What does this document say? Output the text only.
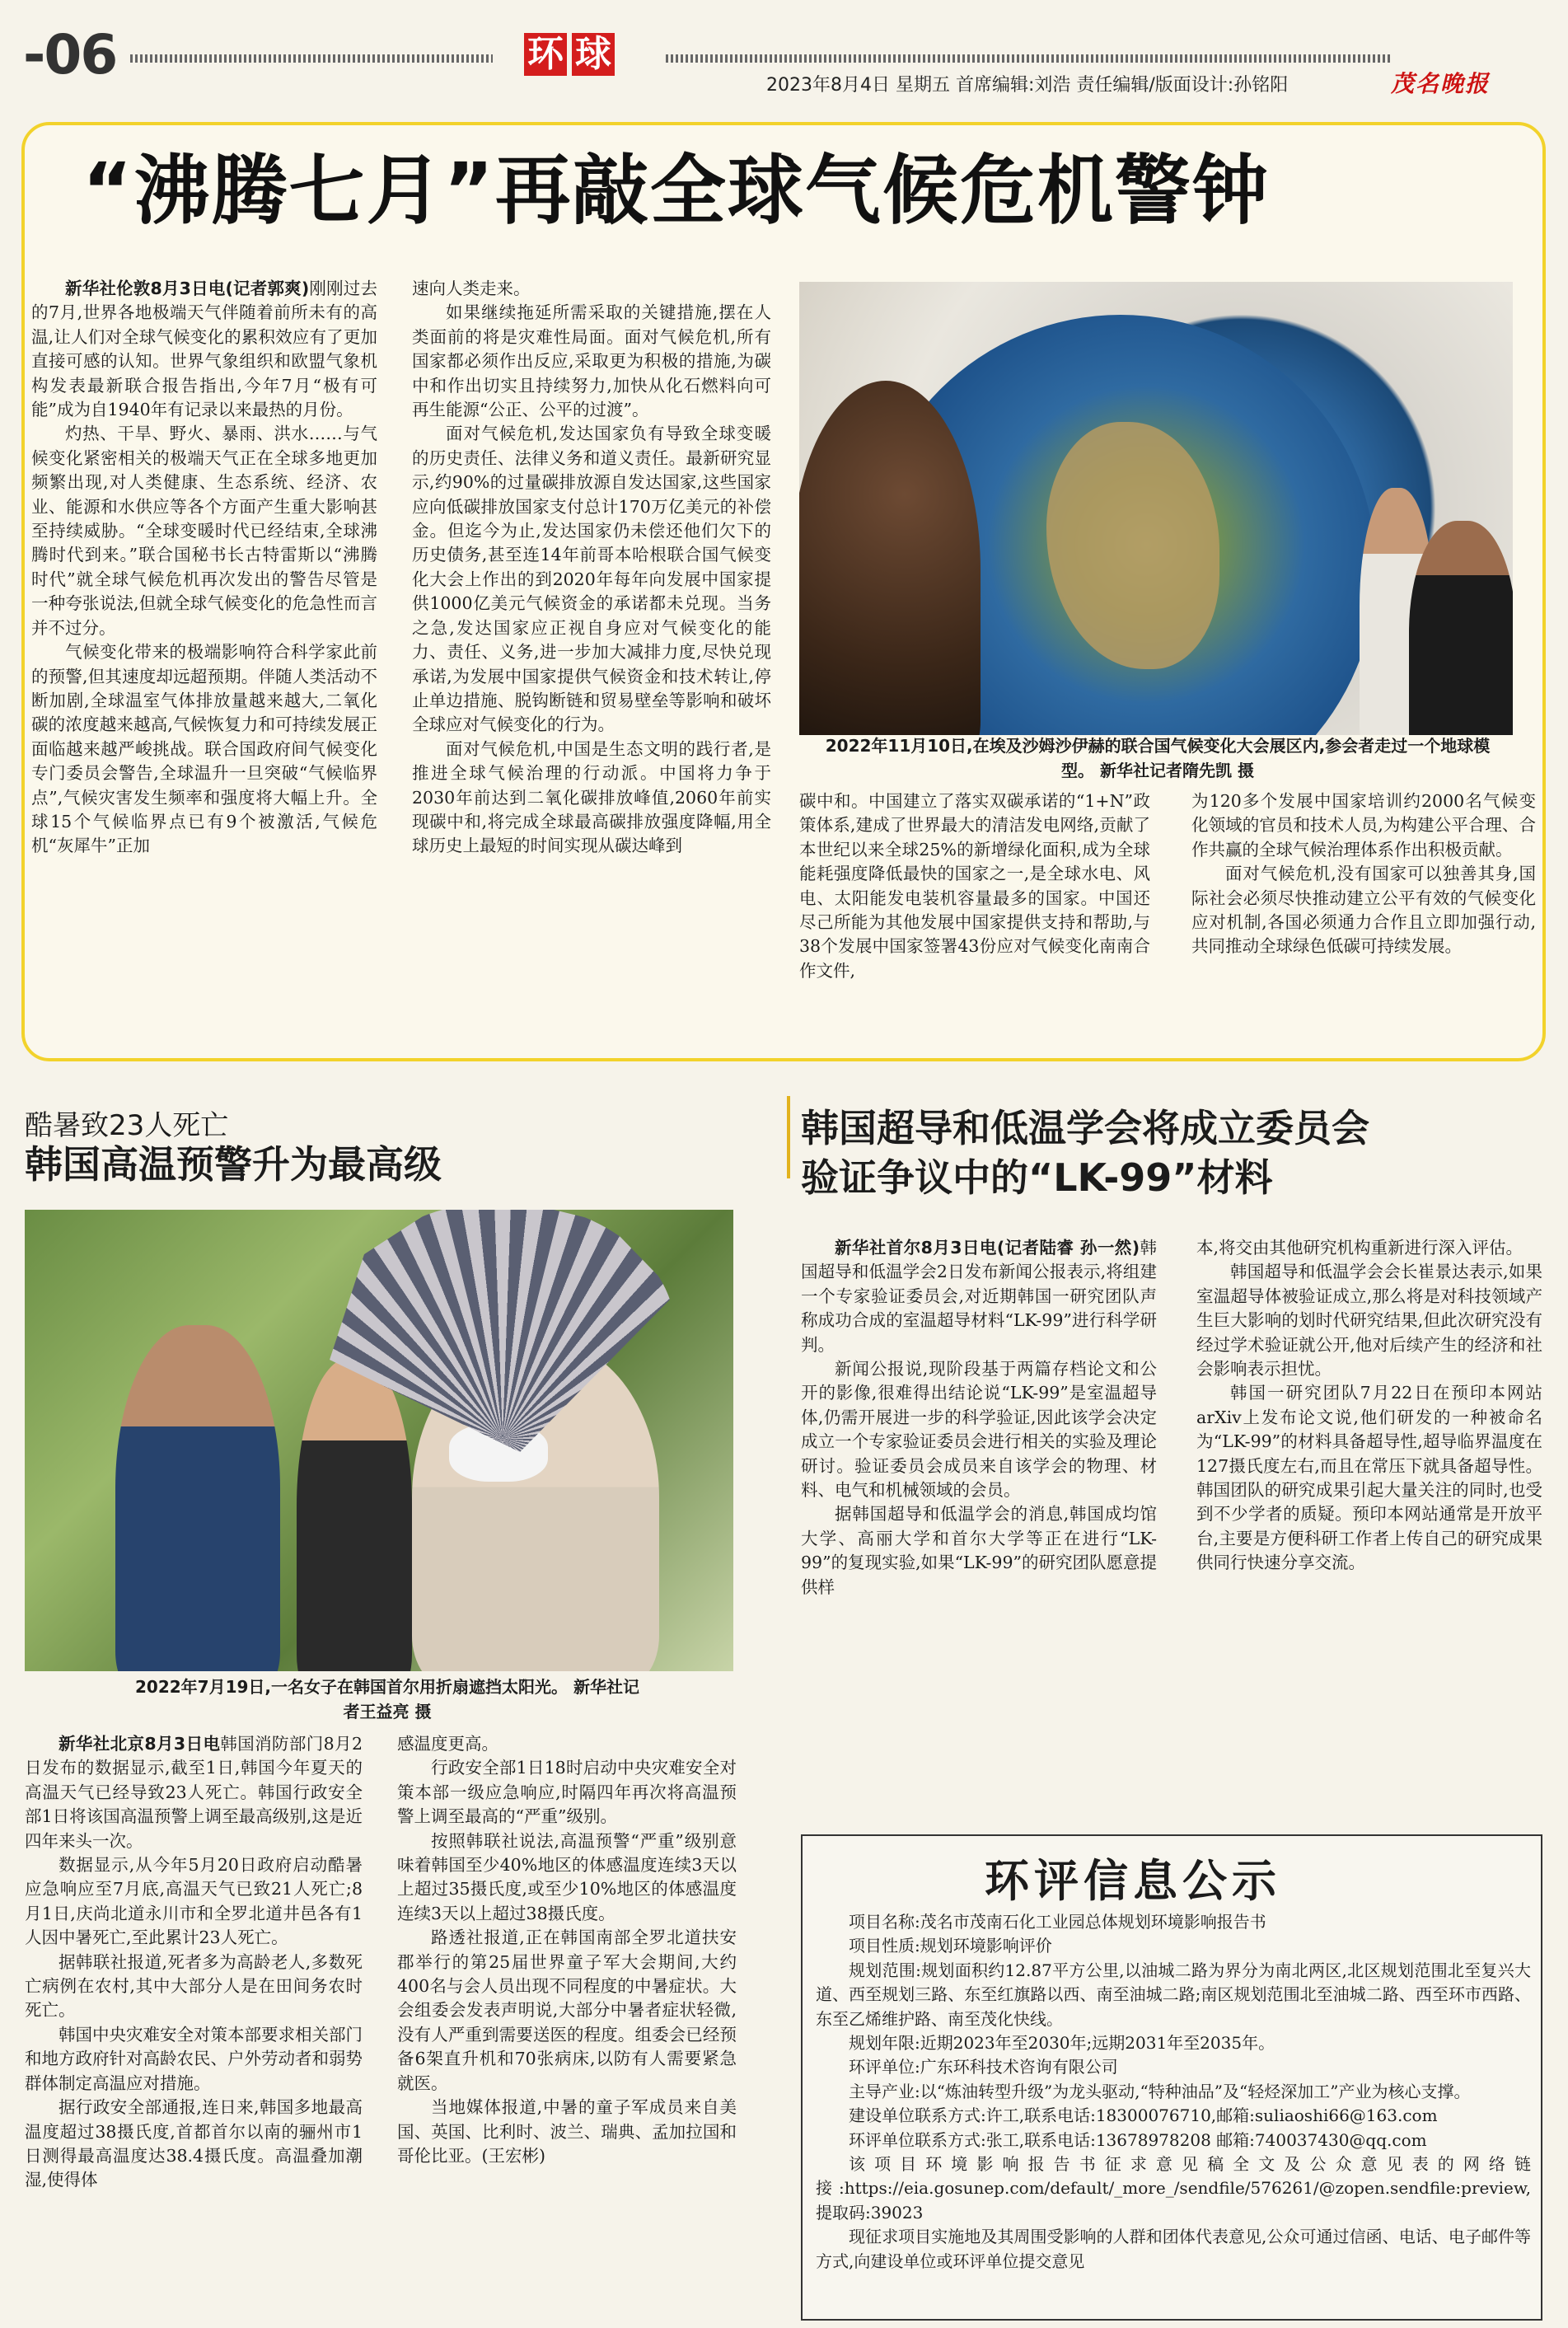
-06	环 球
2023年8月4日 星期五 首席编辑:刘浩 责任编辑/版面设计:孙铭阳	茂名晚报
“沸腾七月”再敲全球气候危机警钟

新华社伦敦8月3日电(记者郭爽)刚刚过去的7月,世界各地极端天气伴随着前所未有的高温,让人们对全球气候变化的累积效应有了更加直接可感的认知。世界气象组织和欧盟气象机构发表最新联合报告指出,今年7月“极有可能”成为自1940年有记录以来最热的月份。

灼热、干旱、野火、暴雨、洪水……与气候变化紧密相关的极端天气正在全球多地更加频繁出现,对人类健康、生态系统、经济、农业、能源和水供应等各个方面产生重大影响甚至持续威胁。“全球变暖时代已经结束,全球沸腾时代到来。”联合国秘书长古特雷斯以“沸腾时代”就全球气候危机再次发出的警告尽管是一种夸张说法,但就全球气候变化的危急性而言并不过分。

气候变化带来的极端影响符合科学家此前的预警,但其速度却远超预期。伴随人类活动不断加剧,全球温室气体排放量越来越大,二氧化碳的浓度越来越高,气候恢复力和可持续发展正面临越来越严峻挑战。联合国政府间气候变化专门委员会警告,全球温升一旦突破“气候临界点”,气候灾害发生频率和强度将大幅上升。全球15个气候临界点已有9个被激活,气候危机“灰犀牛”正加

速向人类走来。

如果继续拖延所需采取的关键措施,摆在人类面前的将是灾难性局面。面对气候危机,所有国家都必须作出反应,采取更为积极的措施,为碳中和作出切实且持续努力,加快从化石燃料向可再生能源“公正、公平的过渡”。

面对气候危机,发达国家负有导致全球变暖的历史责任、法律义务和道义责任。最新研究显示,约90%的过量碳排放源自发达国家,这些国家应向低碳排放国家支付总计170万亿美元的补偿金。但迄今为止,发达国家仍未偿还他们欠下的历史债务,甚至连14年前哥本哈根联合国气候变化大会上作出的到2020年每年向发展中国家提供1000亿美元气候资金的承诺都未兑现。当务之急,发达国家应正视自身应对气候变化的能力、责任、义务,进一步加大减排力度,尽快兑现承诺,为发展中国家提供气候资金和技术转让,停止单边措施、脱钩断链和贸易壁垒等影响和破坏全球应对气候变化的行为。

面对气候危机,中国是生态文明的践行者,是推进全球气候治理的行动派。中国将力争于2030年前达到二氧化碳排放峰值,2060年前实现碳中和,将完成全球最高碳排放强度降幅,用全球历史上最短的时间实现从碳达峰到

2022年11月10日,在埃及沙姆沙伊赫的联合国气候变化大会展区内,参会者走过一个地球模型。 新华社记者隋先凯 摄

碳中和。中国建立了落实双碳承诺的“1+N”政策体系,建成了世界最大的清洁发电网络,贡献了本世纪以来全球25%的新增绿化面积,成为全球能耗强度降低最快的国家之一,是全球水电、风电、太阳能发电装机容量最多的国家。中国还尽己所能为其他发展中国家提供支持和帮助,与38个发展中国家签署43份应对气候变化南南合作文件,

为120多个发展中国家培训约2000名气候变化领域的官员和技术人员,为构建公平合理、合作共赢的全球气候治理体系作出积极贡献。

面对气候危机,没有国家可以独善其身,国际社会必须尽快推动建立公平有效的气候变化应对机制,各国必须通力合作且立即加强行动,共同推动全球绿色低碳可持续发展。

酷暑致23人死亡
韩国高温预警升为最高级
2022年7月19日,一名女子在韩国首尔用折扇遮挡太阳光。 新华社记者王益亮 摄

新华社北京8月3日电韩国消防部门8月2日发布的数据显示,截至1日,韩国今年夏天的高温天气已经导致23人死亡。韩国行政安全部1日将该国高温预警上调至最高级别,这是近四年来头一次。

数据显示,从今年5月20日政府启动酷暑应急响应至7月底,高温天气已致21人死亡;8月1日,庆尚北道永川市和全罗北道井邑各有1人因中暑死亡,至此累计23人死亡。

据韩联社报道,死者多为高龄老人,多数死亡病例在农村,其中大部分人是在田间务农时死亡。

韩国中央灾难安全对策本部要求相关部门和地方政府针对高龄农民、户外劳动者和弱势群体制定高温应对措施。

据行政安全部通报,连日来,韩国多地最高温度超过38摄氏度,首都首尔以南的骊州市1日测得最高温度达38.4摄氏度。高温叠加潮湿,使得体

感温度更高。

行政安全部1日18时启动中央灾难安全对策本部一级应急响应,时隔四年再次将高温预警上调至最高的“严重”级别。

按照韩联社说法,高温预警“严重”级别意味着韩国至少40%地区的体感温度连续3天以上超过35摄氏度,或至少10%地区的体感温度连续3天以上超过38摄氏度。

路透社报道,正在韩国南部全罗北道扶安郡举行的第25届世界童子军大会期间,大约400名与会人员出现不同程度的中暑症状。大会组委会发表声明说,大部分中暑者症状轻微,没有人严重到需要送医的程度。组委会已经预备6架直升机和70张病床,以防有人需要紧急就医。

当地媒体报道,中暑的童子军成员来自美国、英国、比利时、波兰、瑞典、孟加拉国和哥伦比亚。(王宏彬)

韩国超导和低温学会将成立委员会
验证争议中的“LK-99”材料

新华社首尔8月3日电(记者陆睿 孙一然)韩国超导和低温学会2日发布新闻公报表示,将组建一个专家验证委员会,对近期韩国一研究团队声称成功合成的室温超导材料“LK-99”进行科学研判。

新闻公报说,现阶段基于两篇存档论文和公开的影像,很难得出结论说“LK-99”是室温超导体,仍需开展进一步的科学验证,因此该学会决定成立一个专家验证委员会进行相关的实验及理论研讨。验证委员会成员来自该学会的物理、材料、电气和机械领域的会员。

据韩国超导和低温学会的消息,韩国成均馆大学、高丽大学和首尔大学等正在进行“LK-99”的复现实验,如果“LK-99”的研究团队愿意提供样

本,将交由其他研究机构重新进行深入评估。

韩国超导和低温学会会长崔景达表示,如果室温超导体被验证成立,那么将是对科技领域产生巨大影响的划时代研究结果,但此次研究没有经过学术验证就公开,他对后续产生的经济和社会影响表示担忧。

韩国一研究团队7月22日在预印本网站arXiv上发布论文说,他们研发的一种被命名为“LK-99”的材料具备超导性,超导临界温度在127摄氏度左右,而且在常压下就具备超导性。韩国团队的研究成果引起大量关注的同时,也受到不少学者的质疑。预印本网站通常是开放平台,主要是方便科研工作者上传自己的研究成果供同行快速分享交流。

环评信息公示

项目名称:茂名市茂南石化工业园总体规划环境影响报告书

项目性质:规划环境影响评价

规划范围:规划面积约12.87平方公里,以油城二路为界分为南北两区,北区规划范围北至复兴大道、西至规划三路、东至红旗路以西、南至油城二路;南区规划范围北至油城二路、西至环市西路、东至乙烯维护路、南至茂化快线。

规划年限:近期2023年至2030年;远期2031年至2035年。

环评单位:广东环科技术咨询有限公司

主导产业:以“炼油转型升级”为龙头驱动,“特种油品”及“轻烃深加工”产业为核心支撑。

建设单位联系方式:许工,联系电话:18300076710,邮箱:suliaoshi66@163.com

环评单位联系方式:张工,联系电话:13678978208 邮箱:740037430@qq.com

该项目环境影响报告书征求意见稿全文及公众意见表的网络链接:https://eia.gosunep.com/default/_more_/sendfile/576261/@zopen.sendfile:preview,提取码:39023

现征求项目实施地及其周围受影响的人群和团体代表意见,公众可通过信函、电话、电子邮件等方式,向建设单位或环评单位提交意见
